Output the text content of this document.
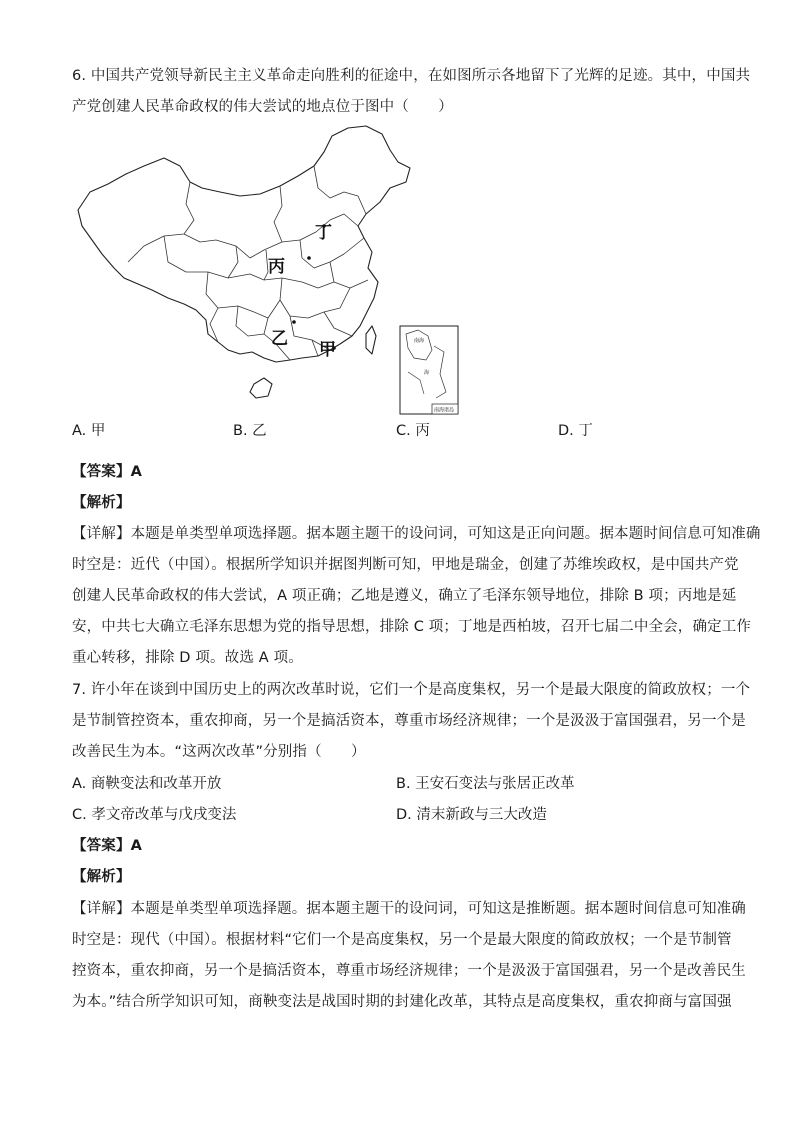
6. 中国共产党领导新民主主义革命走向胜利的征途中，在如图所示各地留下了光辉的足迹。其中，中国共
产党创建人民革命政权的伟大尝试的地点位于图中（　　）
丙
丁
乙
甲	南海
海
南海诸岛
A. 甲	B. 乙	C. 丙	D. 丁
【答案】A
【解析】
【详解】本题是单类型单项选择题。据本题主题干的设问词，可知这是正向问题。据本题时间信息可知准确
时空是：近代（中国）。根据所学知识并据图判断可知，甲地是瑞金，创建了苏维埃政权，是中国共产党
创建人民革命政权的伟大尝试，A 项正确；乙地是遵义，确立了毛泽东领导地位，排除 B 项；丙地是延
安，中共七大确立毛泽东思想为党的指导思想，排除 C 项；丁地是西柏坡，召开七届二中全会，确定工作
重心转移，排除 D 项。故选 A 项。
7. 许小年在谈到中国历史上的两次改革时说，它们一个是高度集权，另一个是最大限度的简政放权；一个
是节制管控资本，重农抑商，另一个是搞活资本，尊重市场经济规律；一个是汲汲于富国强君，另一个是
改善民生为本。“这两次改革”分别指（　　）
A. 商鞅变法和改革开放	B. 王安石变法与张居正改革
C. 孝文帝改革与戊戌变法	D. 清末新政与三大改造
【答案】A
【解析】
【详解】本题是单类型单项选择题。据本题主题干的设问词，可知这是推断题。据本题时间信息可知准确
时空是：现代（中国）。根据材料“它们一个是高度集权，另一个是最大限度的简政放权；一个是节制管
控资本，重农抑商，另一个是搞活资本，尊重市场经济规律；一个是汲汲于富国强君，另一个是改善民生
为本。”结合所学知识可知，商鞅变法是战国时期的封建化改革，其特点是高度集权，重农抑商与富国强
